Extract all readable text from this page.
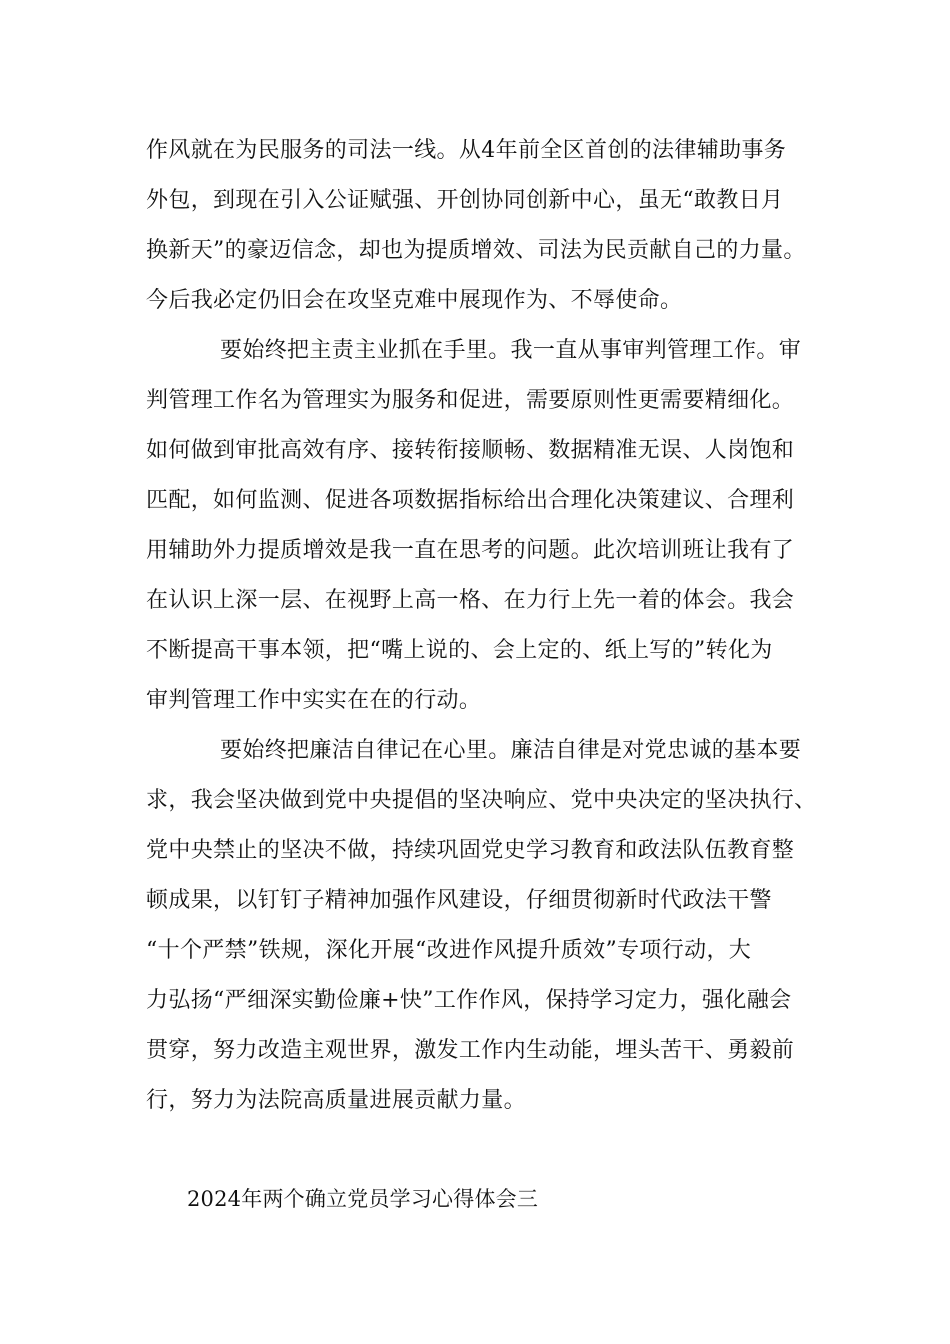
作风就在为民服务的司法一线。从4年前全区首创的法律辅助事务
外包，到现在引入公证赋强、开创协同创新中心，虽无“敢教日月
换新天”的豪迈信念，却也为提质增效、司法为民贡献自己的力量。
今后我必定仍旧会在攻坚克难中展现作为、不辱使命。
要始终把主责主业抓在手里。我一直从事审判管理工作。审
判管理工作名为管理实为服务和促进，需要原则性更需要精细化。
如何做到审批高效有序、接转衔接顺畅、数据精准无误、人岗饱和
匹配，如何监测、促进各项数据指标给出合理化决策建议、合理利
用辅助外力提质增效是我一直在思考的问题。此次培训班让我有了
在认识上深一层、在视野上高一格、在力行上先一着的体会。我会
不断提高干事本领，把“嘴上说的、会上定的、纸上写的”转化为
审判管理工作中实实在在的行动。
要始终把廉洁自律记在心里。廉洁自律是对党忠诚的基本要
求，我会坚决做到党中央提倡的坚决响应、党中央决定的坚决执行、
党中央禁止的坚决不做，持续巩固党史学习教育和政法队伍教育整
顿成果，以钉钉子精神加强作风建设，仔细贯彻新时代政法干警
“十个严禁”铁规，深化开展“改进作风提升质效”专项行动，大
力弘扬“严细深实勤俭廉+快”工作作风，保持学习定力，强化融会
贯穿，努力改造主观世界，激发工作内生动能，埋头苦干、勇毅前
行，努力为法院高质量进展贡献力量。
2024年两个确立党员学习心得体会三
